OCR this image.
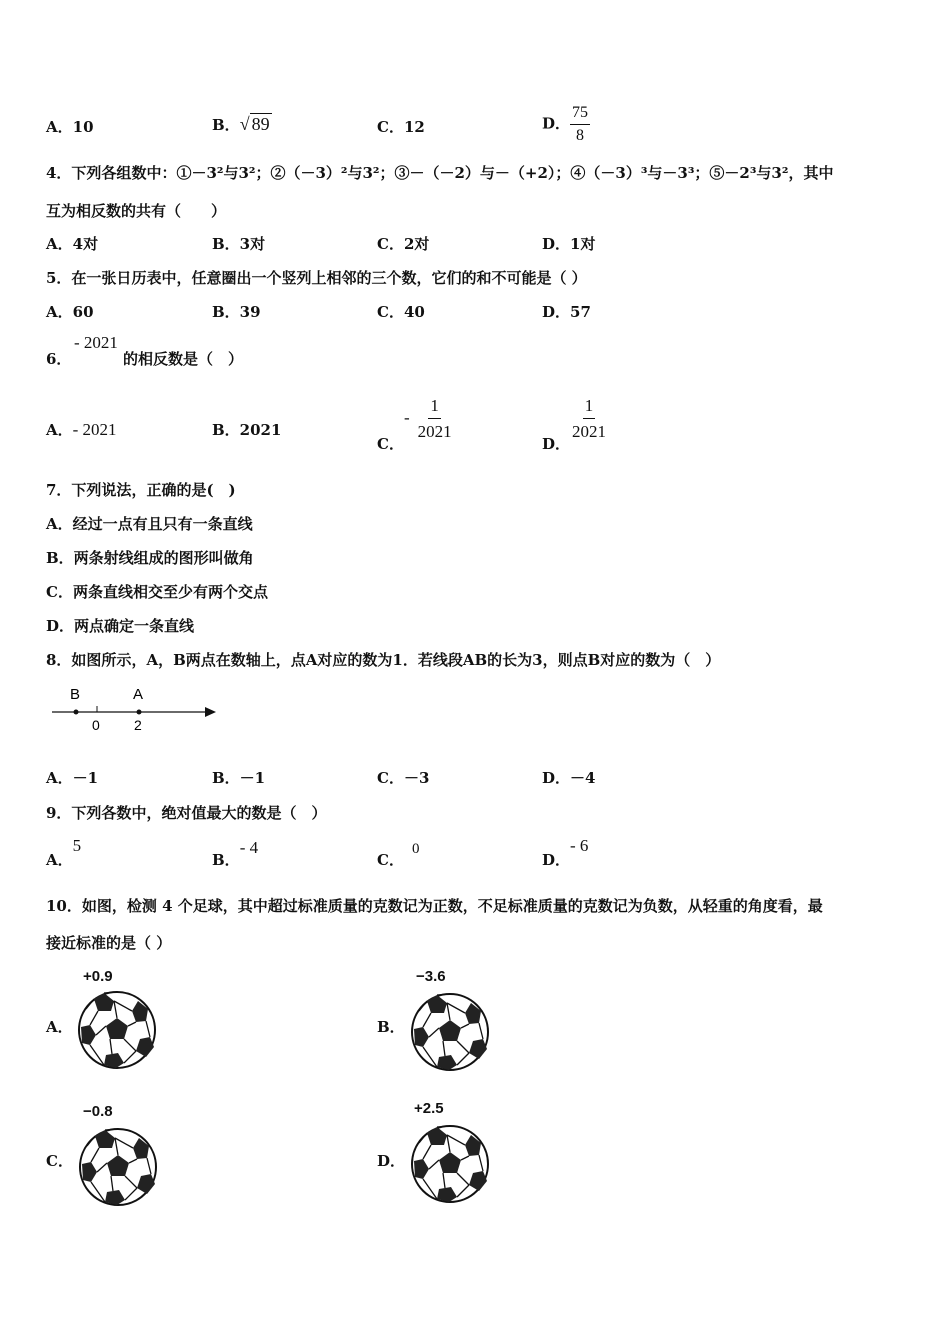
A．10	B．√ 89	C．12	D． $\frac{75}{8}$
4．下列各组数中：①－3²与3²；②（－3）²与3²；③－（－2）与－（+2）；④（－3）³与－3³；⑤－2³与3²，其中
互为相反数的共有（　　）
A．4对	B．3对	C．2对	D．1对
5．在一张日历表中，任意圈出一个竖列上相邻的三个数，它们的和不可能是（ ）
A．60	B．39	C．40	D．57
6．
- 2021
的相反数是（　）
A．- 2021	B．2021
C．- $\frac{1}{2021}$	D． $\frac{1}{2021}$
7．下列说法，正确的是(　)
A．经过一点有且只有一条直线
B．两条射线组成的图形叫做角
C．两条直线相交至少有两个交点
D．两点确定一条直线
8．如图所示，A，B两点在数轴上，点A对应的数为1．若线段AB的长为3，则点B对应的数为（　）
B	A
0 2
A．－1	B．－1	C．－3	D．－4
9．下列各数中，绝对值最大的数是（　）
A．5
B．- 4
C．0
D．- 6
10．如图，检测 4 个足球，其中超过标准质量的克数记为正数，不足标准质量的克数记为负数，从轻重的角度看，最
接近标准的是（ ）
A．
+0.9
B．
−3.6
C．
−0.8
D．
+2.5
